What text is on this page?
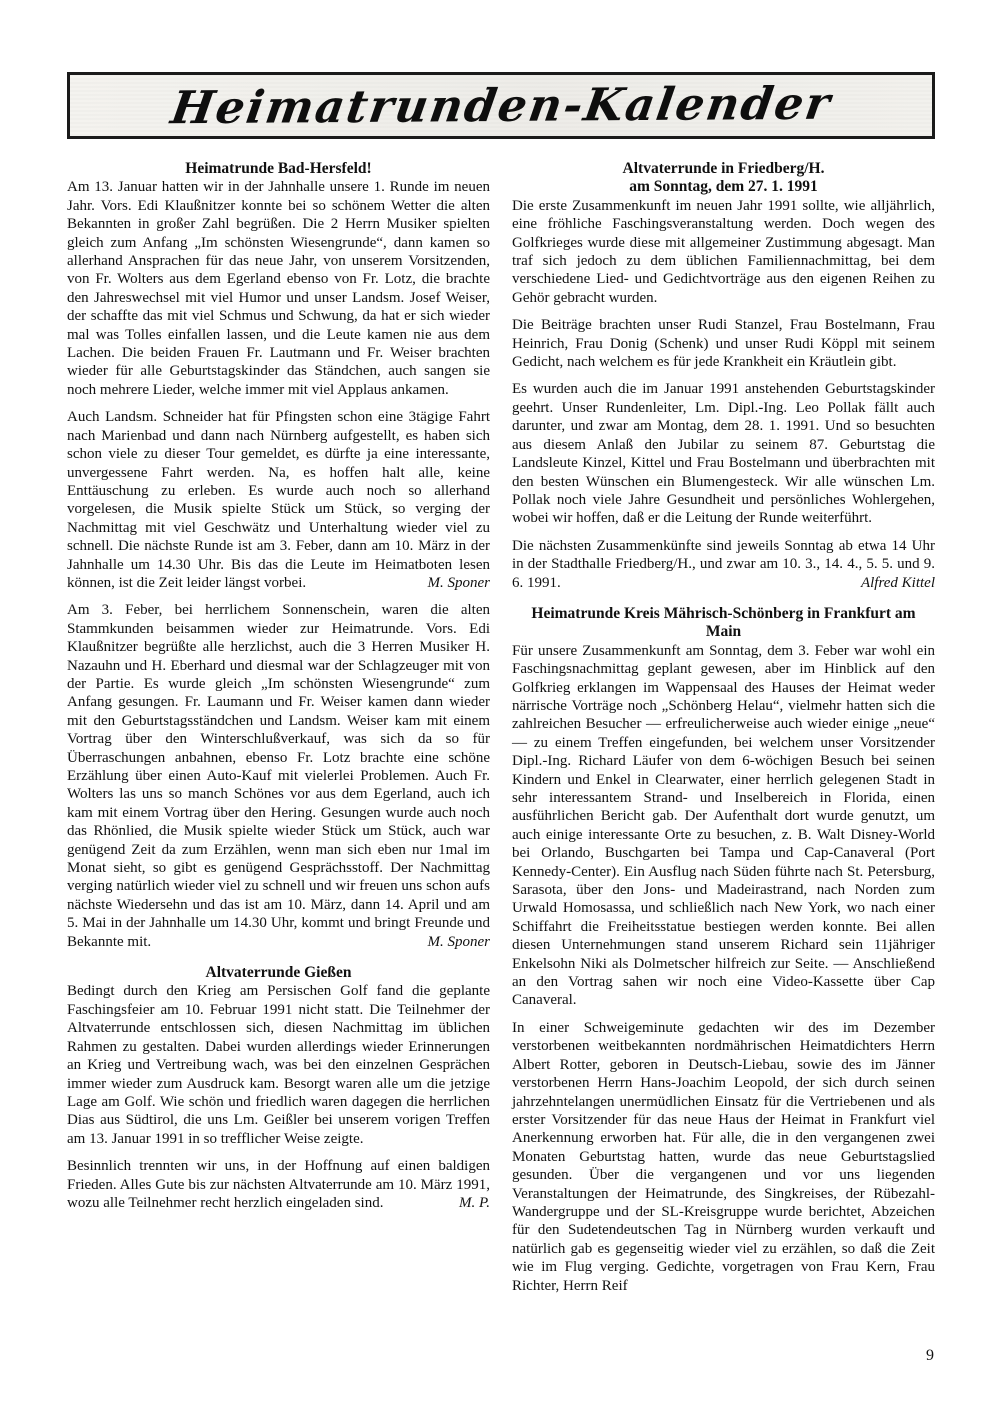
Heimatrunden-Kalender
Heimatrunde Bad-Hersfeld!

Am 13. Januar hatten wir in der Jahnhalle unsere 1. Runde im neuen Jahr. Vors. Edi Klaußnitzer konnte bei so schönem Wetter die alten Bekannten in großer Zahl begrüßen. Die 2 Herrn Musiker spielten gleich zum Anfang „Im schönsten Wiesengrunde“, dann kamen so allerhand Ansprachen für das neue Jahr, von unserem Vorsitzenden, von Fr. Wolters aus dem Egerland ebenso von Fr. Lotz, die brachte den Jahreswechsel mit viel Humor und unser Landsm. Josef Weiser, der schaffte das mit viel Schmus und Schwung, da hat er sich wieder mal was Tolles einfallen lassen, und die Leute kamen nie aus dem Lachen. Die beiden Frauen Fr. Lautmann und Fr. Weiser brachten wieder für alle Geburtstagskinder das Ständchen, auch sangen sie noch mehrere Lieder, welche immer mit viel Applaus ankamen.

Auch Landsm. Schneider hat für Pfingsten schon eine 3tägige Fahrt nach Marienbad und dann nach Nürnberg aufgestellt, es haben sich schon viele zu dieser Tour gemeldet, es dürfte ja eine interessante, unvergessene Fahrt werden. Na, es hoffen halt alle, keine Enttäuschung zu erleben. Es wurde auch noch so allerhand vorgelesen, die Musik spielte Stück um Stück, so verging der Nachmittag mit viel Geschwätz und Unterhaltung wieder viel zu schnell. Die nächste Runde ist am 3. Feber, dann am 10. März in der Jahnhalle um 14.30 Uhr. Bis das die Leute im Heimatboten lesen können, ist die Zeit leider längst vorbei.	M. Sponer

Am 3. Feber, bei herrlichem Sonnenschein, waren die alten Stammkunden beisammen wieder zur Heimatrunde. Vors. Edi Klaußnitzer begrüßte alle herzlichst, auch die 3 Herren Musiker H. Nazauhn und H. Eberhard und diesmal war der Schlagzeuger mit von der Partie. Es wurde gleich „Im schönsten Wiesengrunde“ zum Anfang gesungen. Fr. Laumann und Fr. Weiser kamen dann wieder mit den Geburtstagsständchen und Landsm. Weiser kam mit einem Vortrag über den Winterschlußverkauf, was sich da so für Überraschungen anbahnen, ebenso Fr. Lotz brachte eine schöne Erzählung über einen Auto-Kauf mit vielerlei Problemen. Auch Fr. Wolters las uns so manch Schönes vor aus dem Egerland, auch ich kam mit einem Vortrag über den Hering. Gesungen wurde auch noch das Rhönlied, die Musik spielte wieder Stück um Stück, auch war genügend Zeit da zum Erzählen, wenn man sich eben nur 1mal im Monat sieht, so gibt es genügend Gesprächsstoff. Der Nachmittag verging natürlich wieder viel zu schnell und wir freuen uns schon aufs nächste Wiedersehn und das ist am 10. März, dann 14. April und am 5. Mai in der Jahnhalle um 14.30 Uhr, kommt und bringt Freunde und Bekannte mit.	M. Sponer

Altvaterrunde Gießen

Bedingt durch den Krieg am Persischen Golf fand die geplante Faschingsfeier am 10. Februar 1991 nicht statt. Die Teilnehmer der Altvaterrunde entschlossen sich, diesen Nachmittag im üblichen Rahmen zu gestalten. Dabei wurden allerdings wieder Erinnerungen an Krieg und Vertreibung wach, was bei den einzelnen Gesprächen immer wieder zum Ausdruck kam. Besorgt waren alle um die jetzige Lage am Golf. Wie schön und friedlich waren dagegen die herrlichen Dias aus Südtirol, die uns Lm. Geißler bei unserem vorigen Treffen am 13. Januar 1991 in so trefflicher Weise zeigte.

Besinnlich trennten wir uns, in der Hoffnung auf einen baldigen Frieden. Alles Gute bis zur nächsten Altvaterrunde am 10. März 1991, wozu alle Teilnehmer recht herzlich eingeladen sind.	M. P.

Altvaterrunde in Friedberg/H.
am Sonntag, dem 27. 1. 1991

Die erste Zusammenkunft im neuen Jahr 1991 sollte, wie alljährlich, eine fröhliche Faschingsveranstaltung werden. Doch wegen des Golfkrieges wurde diese mit allgemeiner Zustimmung abgesagt. Man traf sich jedoch zu dem üblichen Familiennachmittag, bei dem verschiedene Lied- und Gedichtvorträge aus den eigenen Reihen zu Gehör gebracht wurden.

Die Beiträge brachten unser Rudi Stanzel, Frau Bostelmann, Frau Heinrich, Frau Donig (Schenk) und unser Rudi Köppl mit seinem Gedicht, nach welchem es für jede Krankheit ein Kräutlein gibt.

Es wurden auch die im Januar 1991 anstehenden Geburtstagskinder geehrt. Unser Rundenleiter, Lm. Dipl.-Ing. Leo Pollak fällt auch darunter, und zwar am Montag, dem 28. 1. 1991. Und so besuchten aus diesem Anlaß den Jubilar zu seinem 87. Geburtstag die Landsleute Kinzel, Kittel und Frau Bostelmann und überbrachten mit den besten Wünschen ein Blumengesteck. Wir alle wünschen Lm. Pollak noch viele Jahre Gesundheit und persönliches Wohlergehen, wobei wir hoffen, daß er die Leitung der Runde weiterführt.

Die nächsten Zusammenkünfte sind jeweils Sonntag ab etwa 14 Uhr in der Stadthalle Friedberg/H., und zwar am 10. 3., 14. 4., 5. 5. und 9. 6. 1991.	Alfred Kittel

Heimatrunde Kreis Mährisch-Schönberg in Frankfurt am Main

Für unsere Zusammenkunft am Sonntag, dem 3. Feber war wohl ein Faschingsnachmittag geplant gewesen, aber im Hinblick auf den Golfkrieg erklangen im Wappensaal des Hauses der Heimat weder närrische Vorträge noch „Schönberg Helau“, vielmehr hatten sich die zahlreichen Besucher — erfreulicherweise auch wieder einige „neue“ — zu einem Treffen eingefunden, bei welchem unser Vorsitzender Dipl.-Ing. Richard Läufer von dem 6-wöchigen Besuch bei seinen Kindern und Enkel in Clearwater, einer herrlich gelegenen Stadt in sehr interessantem Strand- und Inselbereich in Florida, einen ausführlichen Bericht gab. Der Aufenthalt dort wurde genutzt, um auch einige interessante Orte zu besuchen, z. B. Walt Disney-World bei Orlando, Buschgarten bei Tampa und Cap-Canaveral (Port Kennedy-Center). Ein Ausflug nach Süden führte nach St. Petersburg, Sarasota, über den Jons- und Madeirastrand, nach Norden zum Urwald Homosassa, und schließlich nach New York, wo nach einer Schiffahrt die Freiheitsstatue bestiegen werden konnte. Bei allen diesen Unternehmungen stand unserem Richard sein 11jähriger Enkelsohn Niki als Dolmetscher hilfreich zur Seite. — Anschließend an den Vortrag sahen wir noch eine Video-Kassette über Cap Canaveral.

In einer Schweigeminute gedachten wir des im Dezember verstorbenen weitbekannten nordmährischen Heimatdichters Herrn Albert Rotter, geboren in Deutsch-Liebau, sowie des im Jänner verstorbenen Herrn Hans-Joachim Leopold, der sich durch seinen jahrzehntelangen unermüdlichen Einsatz für die Vertriebenen und als erster Vorsitzender für das neue Haus der Heimat in Frankfurt viel Anerkennung erworben hat. Für alle, die in den vergangenen zwei Monaten Geburtstag hatten, wurde das neue Geburtstagslied gesunden. Über die vergangenen und vor uns liegenden Veranstaltungen der Heimatrunde, des Singkreises, der Rübezahl-Wandergruppe und der SL-Kreisgruppe wurde berichtet, Abzeichen für den Sudetendeutschen Tag in Nürnberg wurden verkauft und natürlich gab es gegenseitig wieder viel zu erzählen, so daß die Zeit wie im Flug verging. Gedichte, vorgetragen von Frau Kern, Frau Richter, Herrn Reif

9
